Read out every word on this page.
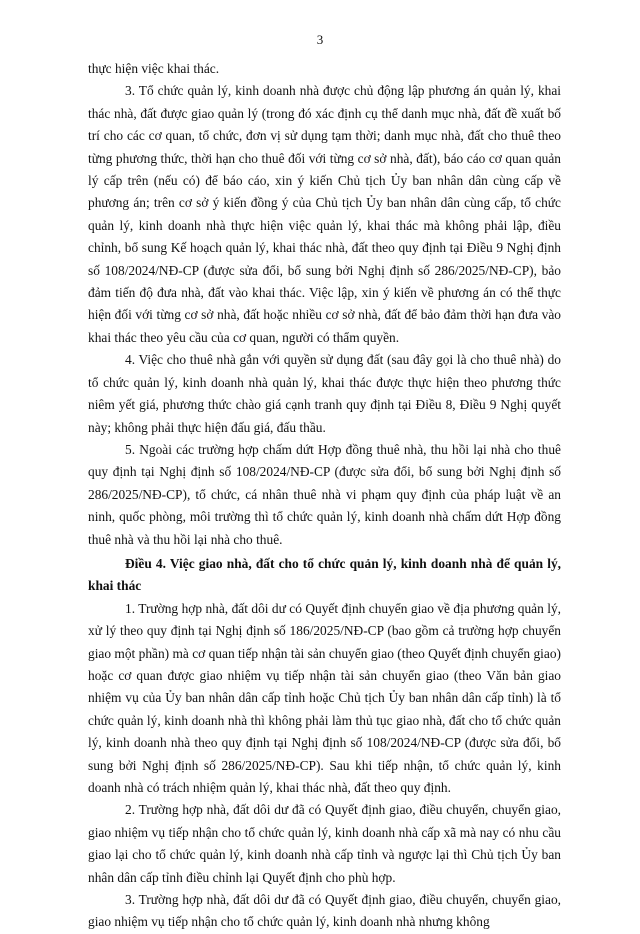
3

thực hiện việc khai thác.

3. Tổ chức quản lý, kinh doanh nhà được chủ động lập phương án quản lý, khai thác nhà, đất được giao quản lý (trong đó xác định cụ thể danh mục nhà, đất đề xuất bố trí cho các cơ quan, tổ chức, đơn vị sử dụng tạm thời; danh mục nhà, đất cho thuê theo từng phương thức, thời hạn cho thuê đối với từng cơ sở nhà, đất), báo cáo cơ quan quản lý cấp trên (nếu có) để báo cáo, xin ý kiến Chủ tịch Ủy ban nhân dân cùng cấp về phương án; trên cơ sở ý kiến đồng ý của Chủ tịch Ủy ban nhân dân cùng cấp, tổ chức quản lý, kinh doanh nhà thực hiện việc quản lý, khai thác mà không phải lập, điều chỉnh, bổ sung Kế hoạch quản lý, khai thác nhà, đất theo quy định tại Điều 9 Nghị định số 108/2024/NĐ-CP (được sửa đổi, bổ sung bởi Nghị định số 286/2025/NĐ-CP), bảo đảm tiến độ đưa nhà, đất vào khai thác. Việc lập, xin ý kiến về phương án có thể thực hiện đối với từng cơ sở nhà, đất hoặc nhiều cơ sở nhà, đất để bảo đảm thời hạn đưa vào khai thác theo yêu cầu của cơ quan, người có thẩm quyền.

4. Việc cho thuê nhà gắn với quyền sử dụng đất (sau đây gọi là cho thuê nhà) do tổ chức quản lý, kinh doanh nhà quản lý, khai thác được thực hiện theo phương thức niêm yết giá, phương thức chào giá cạnh tranh quy định tại Điều 8, Điều 9 Nghị quyết này; không phải thực hiện đấu giá, đấu thầu.

5. Ngoài các trường hợp chấm dứt Hợp đồng thuê nhà, thu hồi lại nhà cho thuê quy định tại Nghị định số 108/2024/NĐ-CP (được sửa đổi, bổ sung bởi Nghị định số 286/2025/NĐ-CP), tổ chức, cá nhân thuê nhà vi phạm quy định của pháp luật về an ninh, quốc phòng, môi trường thì tổ chức quản lý, kinh doanh nhà chấm dứt Hợp đồng thuê nhà và thu hồi lại nhà cho thuê.

Điều 4. Việc giao nhà, đất cho tổ chức quản lý, kinh doanh nhà để quản lý, khai thác

1. Trường hợp nhà, đất dôi dư có Quyết định chuyển giao về địa phương quản lý, xử lý theo quy định tại Nghị định số 186/2025/NĐ-CP (bao gồm cả trường hợp chuyển giao một phần) mà cơ quan tiếp nhận tài sản chuyển giao (theo Quyết định chuyển giao) hoặc cơ quan được giao nhiệm vụ tiếp nhận tài sản chuyển giao (theo Văn bản giao nhiệm vụ của Ủy ban nhân dân cấp tỉnh hoặc Chủ tịch Ủy ban nhân dân cấp tỉnh) là tổ chức quản lý, kinh doanh nhà thì không phải làm thủ tục giao nhà, đất cho tổ chức quản lý, kinh doanh nhà theo quy định tại Nghị định số 108/2024/NĐ-CP (được sửa đổi, bổ sung bởi Nghị định số 286/2025/NĐ-CP). Sau khi tiếp nhận, tổ chức quản lý, kinh doanh nhà có trách nhiệm quản lý, khai thác nhà, đất theo quy định.

2. Trường hợp nhà, đất dôi dư đã có Quyết định giao, điều chuyển, chuyển giao, giao nhiệm vụ tiếp nhận cho tổ chức quản lý, kinh doanh nhà cấp xã mà nay có nhu cầu giao lại cho tổ chức quản lý, kinh doanh nhà cấp tỉnh và ngược lại thì Chủ tịch Ủy ban nhân dân cấp tỉnh điều chỉnh lại Quyết định cho phù hợp.

3. Trường hợp nhà, đất dôi dư đã có Quyết định giao, điều chuyển, chuyển giao, giao nhiệm vụ tiếp nhận cho tổ chức quản lý, kinh doanh nhà nhưng không
